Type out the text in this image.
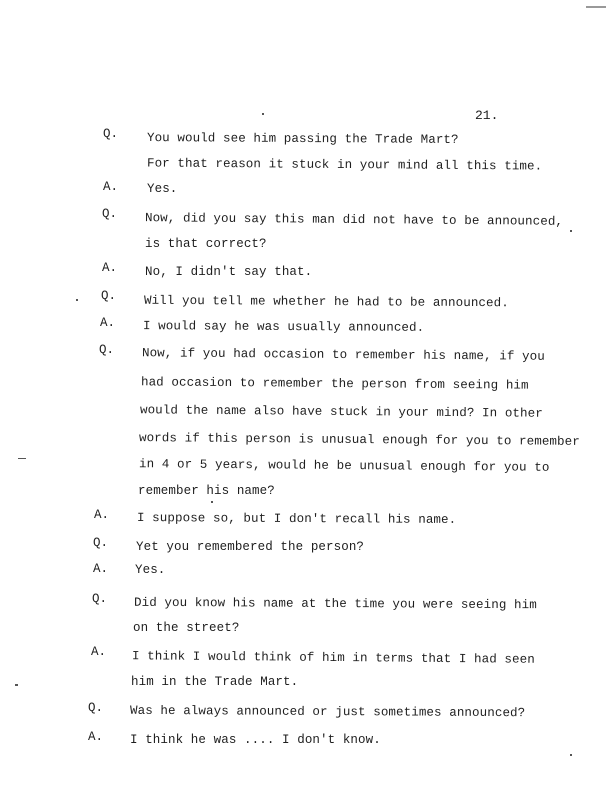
21.
Q. You would see him passing the Trade Mart?
For that reason it stuck in your mind all this time.
A. Yes.
Q. Now, did you say this man did not have to be announced,
is that correct?
A. No, I didn't say that.
Q. Will you tell me whether he had to be announced.
A. I would say he was usually announced.
Q. Now, if you had occasion to remember his name, if you
had occasion to remember the person from seeing him
would the name also have stuck in your mind? In other
words if this person is unusual enough for you to remember
in 4 or 5 years, would he be unusual enough for you to
remember his name?
A. I suppose so, but I don't recall his name.
Q. Yet you remembered the person?
A. Yes.
Q. Did you know his name at the time you were seeing him
on the street?
A. I think I would think of him in terms that I had seen
him in the Trade Mart.
Q. Was he always announced or just sometimes announced?
A. I think he was .... I don't know.
